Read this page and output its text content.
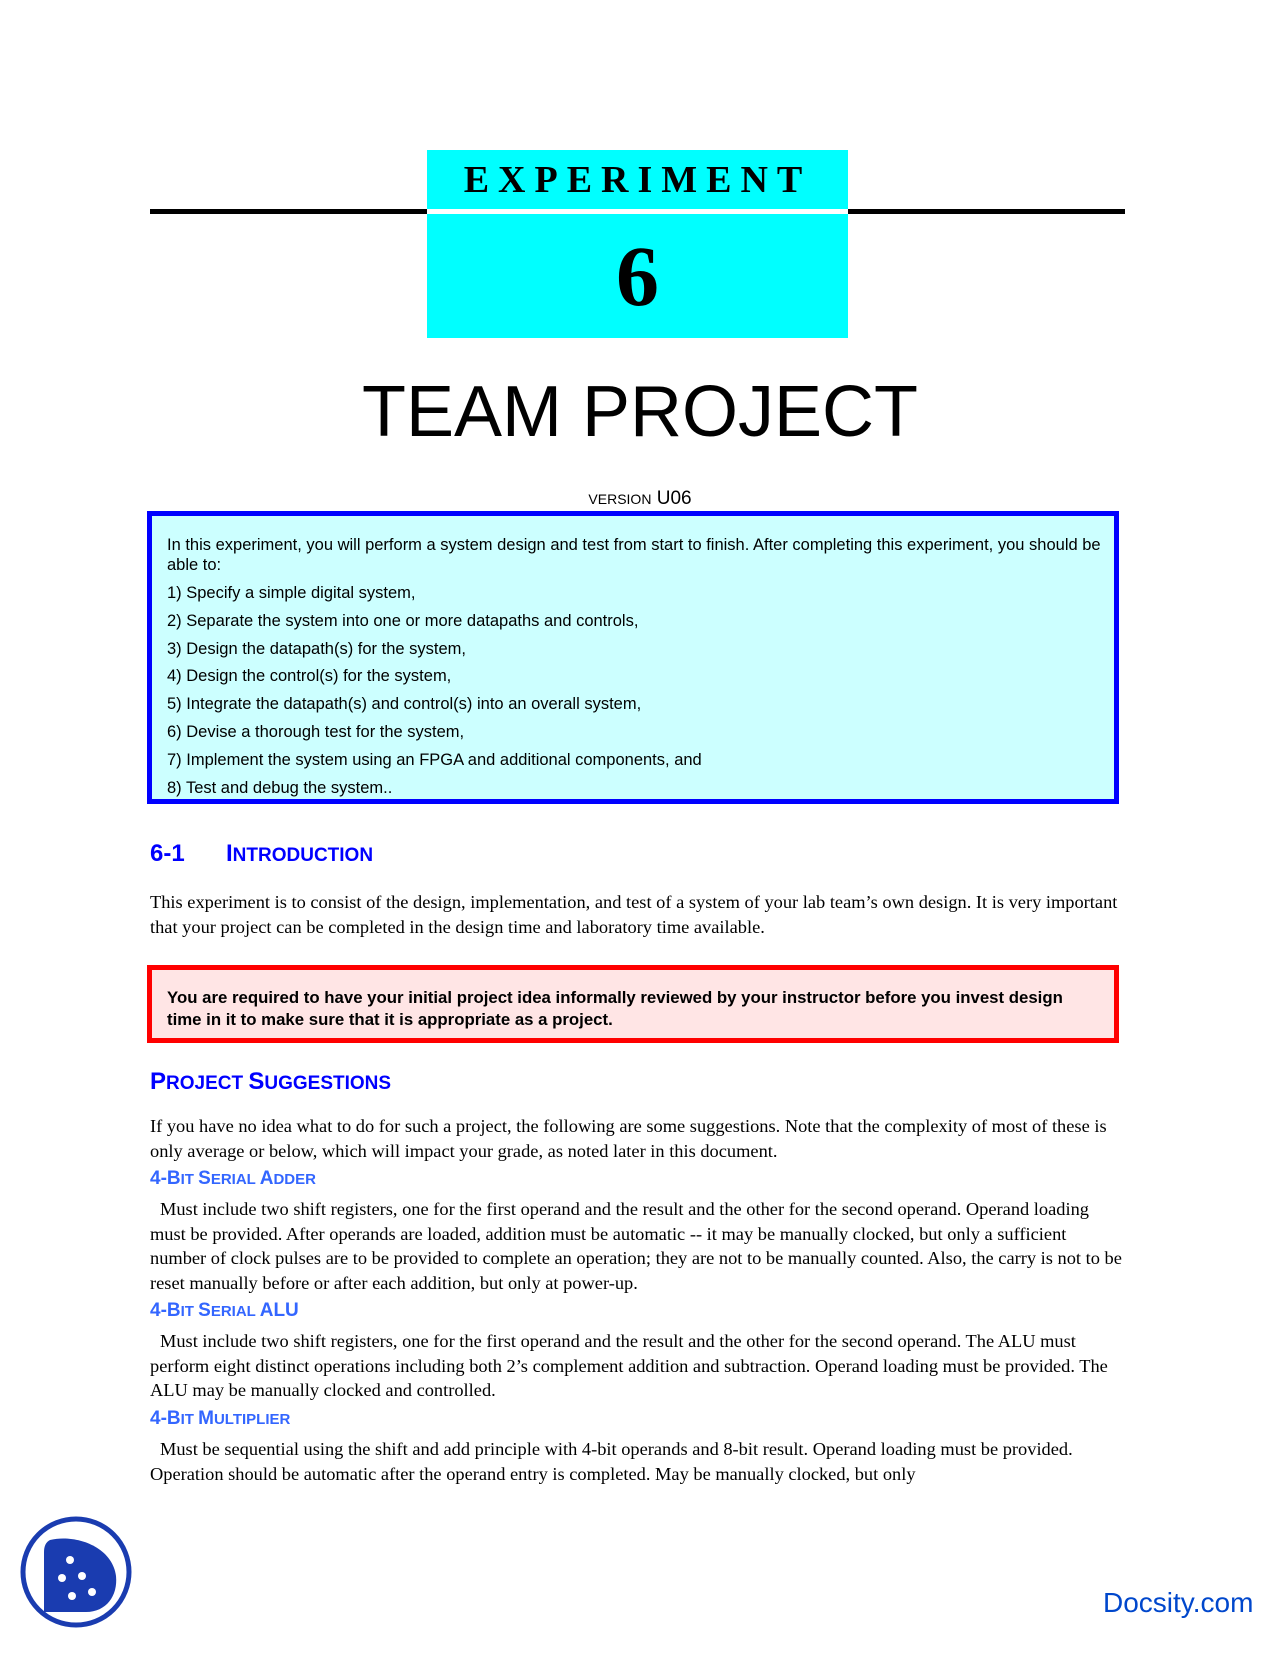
EXPERIMENT
6
TEAM PROJECT
VERSION U06

In this experiment, you will perform a system design and test from start to finish. After completing this experiment, you should be able to:

1) Specify a simple digital system,
2) Separate the system into one or more datapaths and controls,
3) Design the datapath(s) for the system,
4) Design the control(s) for the system,
5) Integrate the datapath(s) and control(s) into an overall system,
6) Devise a thorough test for the system,
7) Implement the system using an FPGA and additional components, and
8) Test and debug the system..
6-1 INTRODUCTION
This experiment is to consist of the design, implementation, and test of a system of your lab team’s own design. It is very important that your project can be completed in the design time and laboratory time available.
You are required to have your initial project idea informally reviewed by your instructor before you invest design time in it to make sure that it is appropriate as a project.
PROJECT SUGGESTIONS
If you have no idea what to do for such a project, the following are some suggestions. Note that the complexity of most of these is only average or below, which will impact your grade, as noted later in this document.
4-BIT SERIAL ADDER
Must include two shift registers, one for the first operand and the result and the other for the second operand. Operand loading must be provided. After operands are loaded, addition must be automatic -- it may be manually clocked, but only a sufficient number of clock pulses are to be provided to complete an operation; they are not to be manually counted. Also, the carry is not to be reset manually before or after each addition, but only at power-up.
4-BIT SERIAL ALU
Must include two shift registers, one for the first operand and the result and the other for the second operand. The ALU must perform eight distinct operations including both 2’s complement addition and subtraction. Operand loading must be provided. The ALU may be manually clocked and controlled.
4-BIT MULTIPLIER
Must be sequential using the shift and add principle with 4-bit operands and 8-bit result. Operand loading must be provided. Operation should be automatic after the operand entry is completed. May be manually clocked, but only
Docsity.com
